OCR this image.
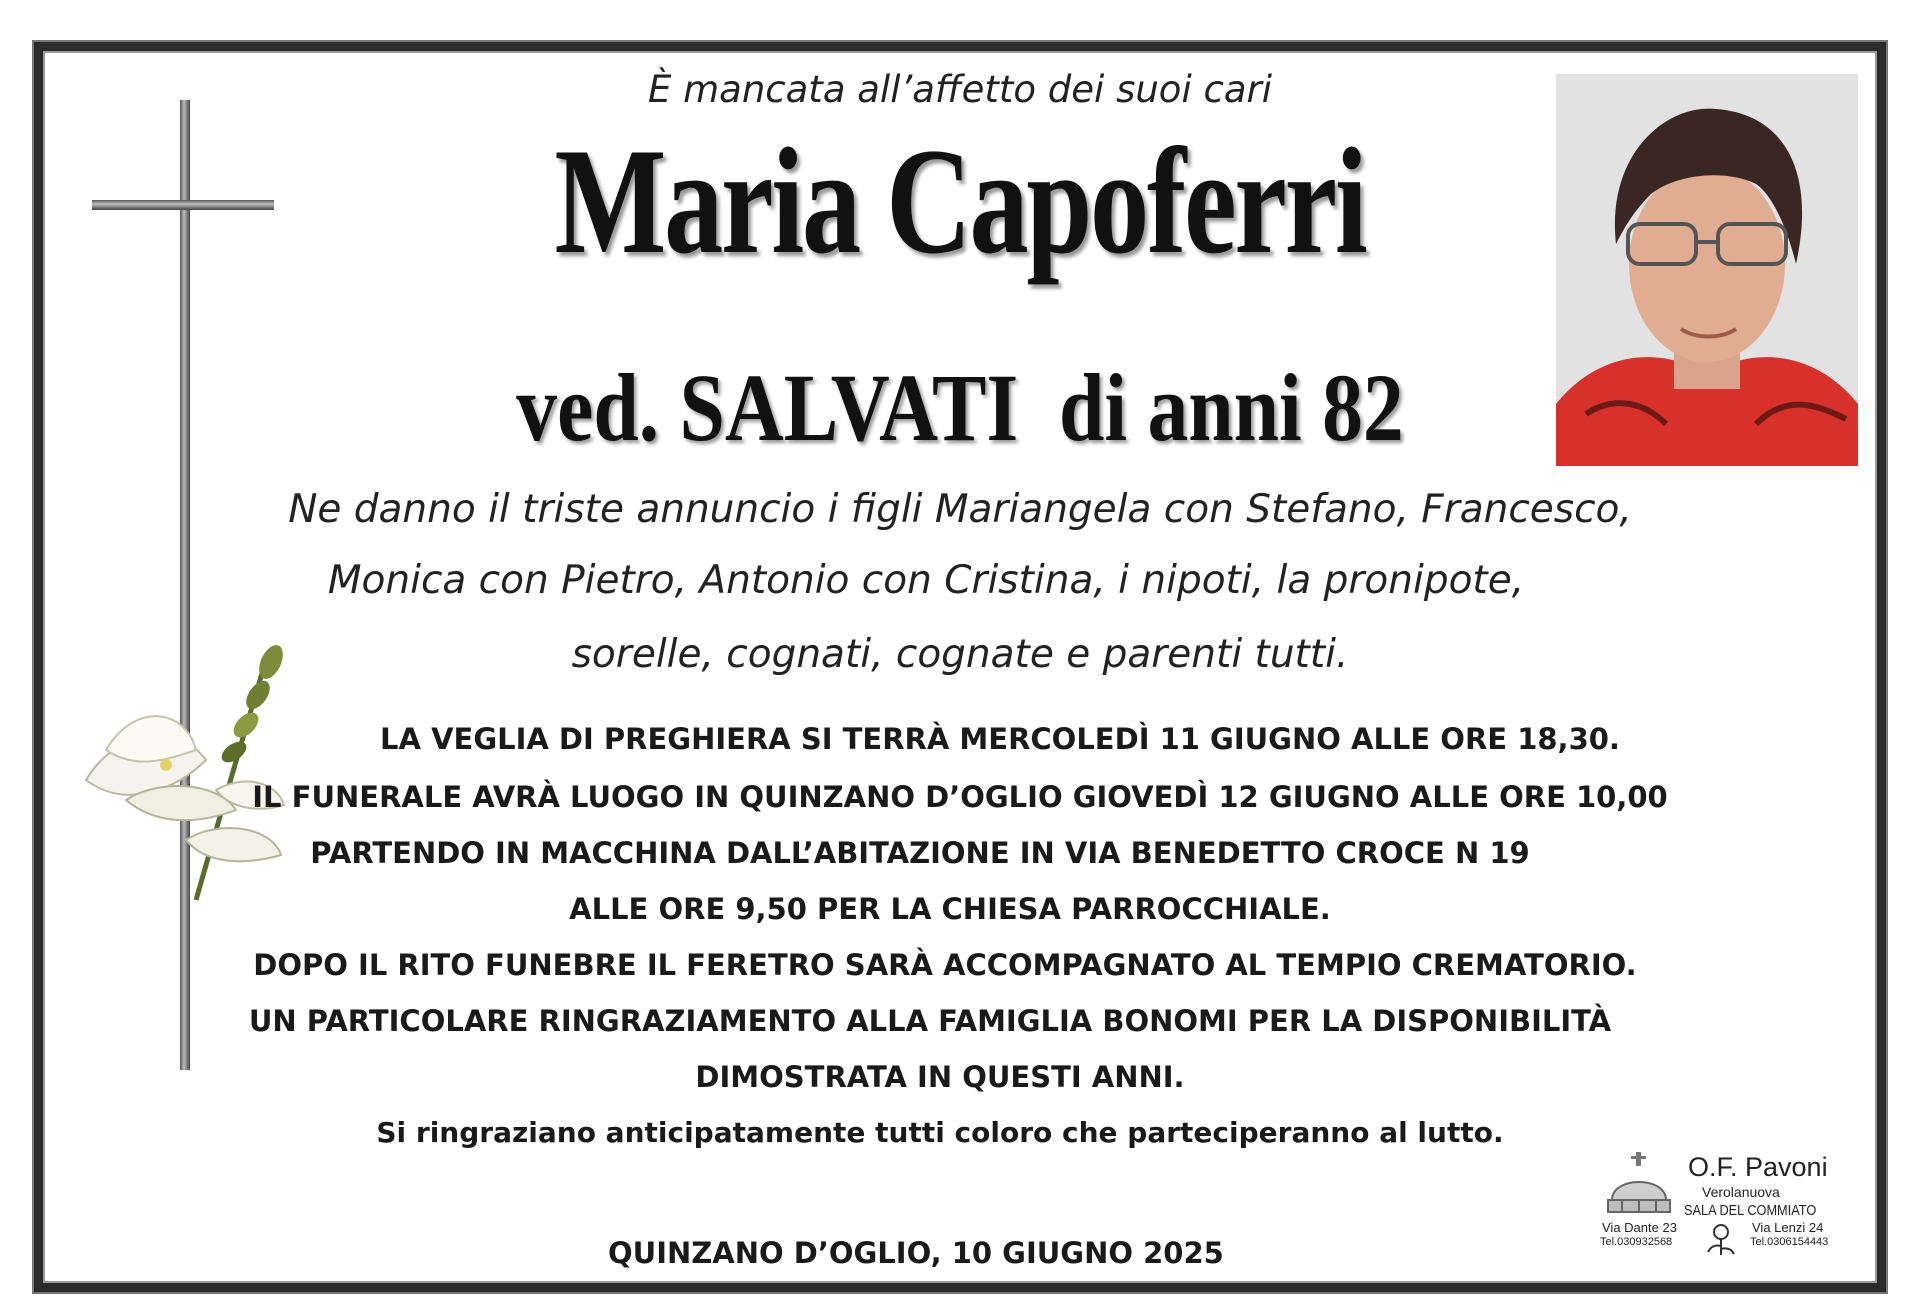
È mancata all’affetto dei suoi cari
Maria Capoferri
ved. SALVATI  di anni 82
Ne danno il triste annuncio i figli Mariangela con Stefano, Francesco,
Monica con Pietro, Antonio con Cristina, i nipoti, la pronipote,
sorelle, cognati, cognate e parenti tutti.
LA VEGLIA DI PREGHIERA SI TERRÀ MERCOLEDÌ 11 GIUGNO ALLE ORE 18,30.
IL FUNERALE AVRÀ LUOGO IN QUINZANO D’OGLIO GIOVEDÌ 12 GIUGNO ALLE ORE 10,00
PARTENDO IN MACCHINA DALL’ABITAZIONE IN VIA BENEDETTO CROCE N 19
ALLE ORE 9,50 PER LA CHIESA PARROCCHIALE.
DOPO IL RITO FUNEBRE IL FERETRO SARÀ ACCOMPAGNATO AL TEMPIO CREMATORIO.
UN PARTICOLARE RINGRAZIAMENTO ALLA FAMIGLIA BONOMI PER LA DISPONIBILITÀ
DIMOSTRATA IN QUESTI ANNI.
Si ringraziano anticipatamente tutti coloro che parteciperanno al lutto.
QUINZANO D’OGLIO, 10 GIUGNO 2025
O.F. Pavoni
Verolanuova
SALA DEL COMMIATO
Via Dante 23
Tel.030932568
Via Lenzi 24
Tel.0306154443
